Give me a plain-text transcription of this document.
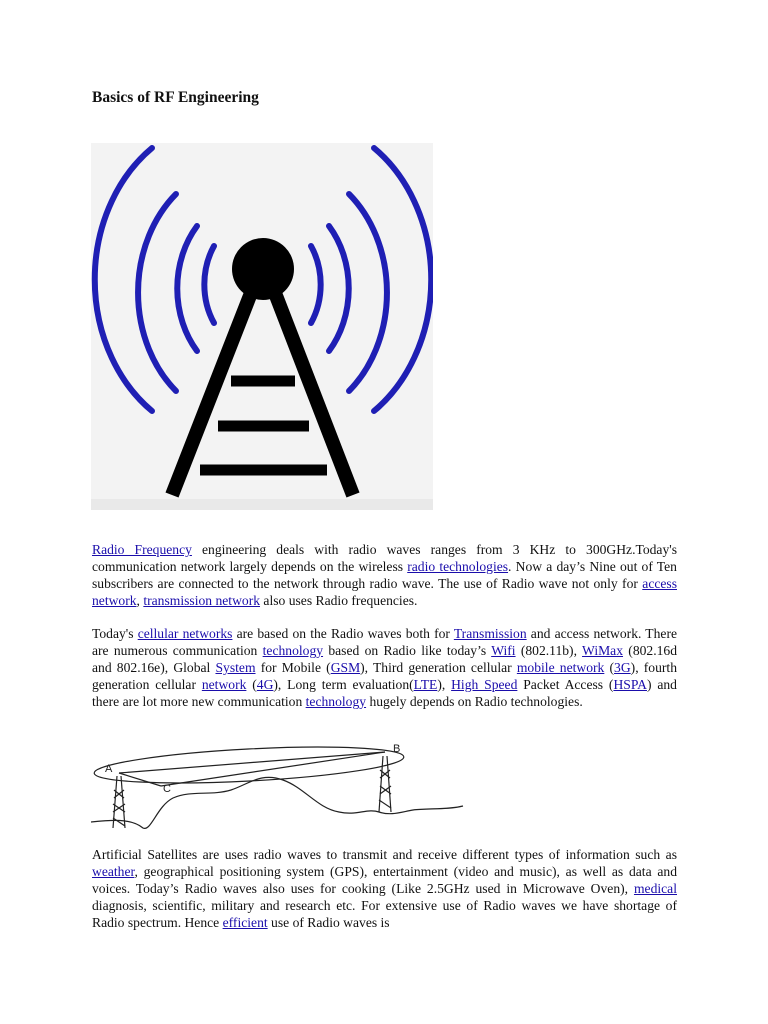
Basics of RF Engineering

Radio Frequency engineering deals with radio waves ranges from 3 KHz to 300GHz.Today's communication network largely depends on the wireless radio technologies. Now a day’s Nine out of Ten subscribers are connected to the network through radio wave. The use of Radio wave not only for access network, transmission network also uses Radio frequencies.

Today's cellular networks are based on the Radio waves both for Transmission and access network. There are numerous communication technology based on Radio like today’s Wifi (802.11b), WiMax (802.16d and 802.16e), Global System for Mobile (GSM), Third generation cellular mobile network (3G), fourth generation cellular network (4G), Long term evaluation(LTE), High Speed Packet Access (HSPA) and there are lot more new communication technology hugely depends on Radio technologies.

A
B
C

Artificial Satellites are uses radio waves to transmit and receive different types of information such as weather, geographical positioning system (GPS), entertainment (video and music), as well as data and voices. Today’s Radio waves also uses for cooking (Like 2.5GHz used in Microwave Oven), medical diagnosis, scientific, military and research etc. For extensive use of Radio waves we have shortage of Radio spectrum. Hence efficient use of Radio waves is
